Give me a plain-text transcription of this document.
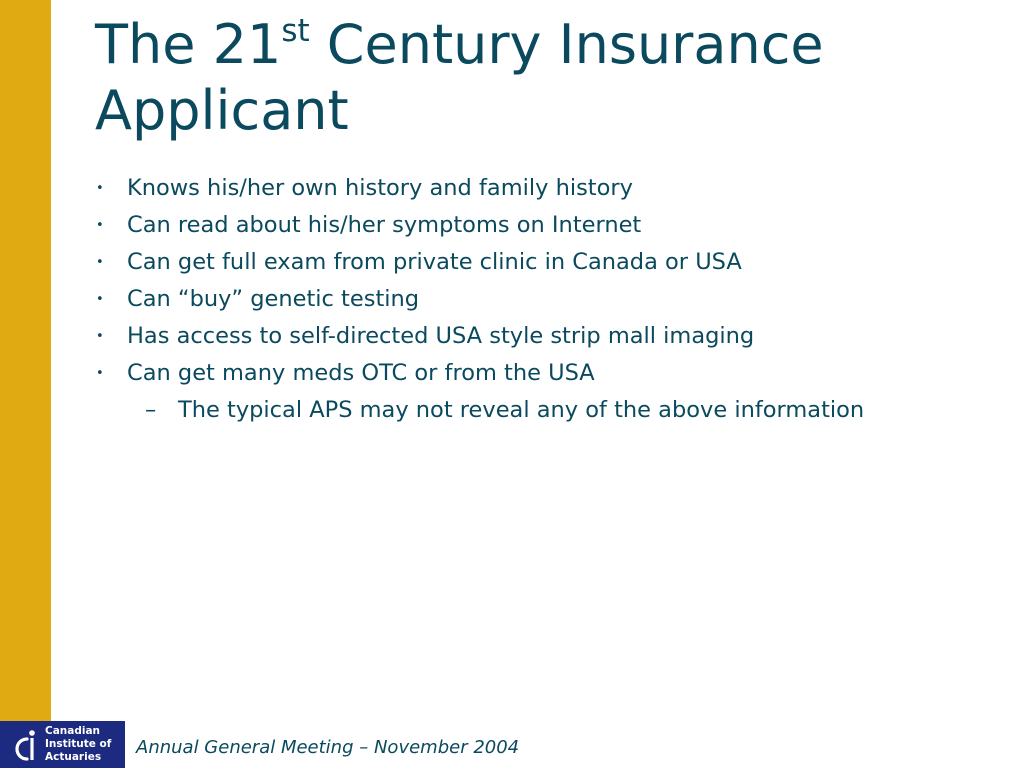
The 21st Century Insurance Applicant
• Knows his/her own history and family history
• Can read about his/her symptoms on Internet
• Can get full exam from private clinic in Canada or USA
• Can “buy” genetic testing
• Has access to self-directed USA style strip mall imaging
• Can get many meds OTC or from the USA
– The typical APS may not reveal any of the above information
Canadian
Institute of
Actuaries	Annual General Meeting – November 2004
